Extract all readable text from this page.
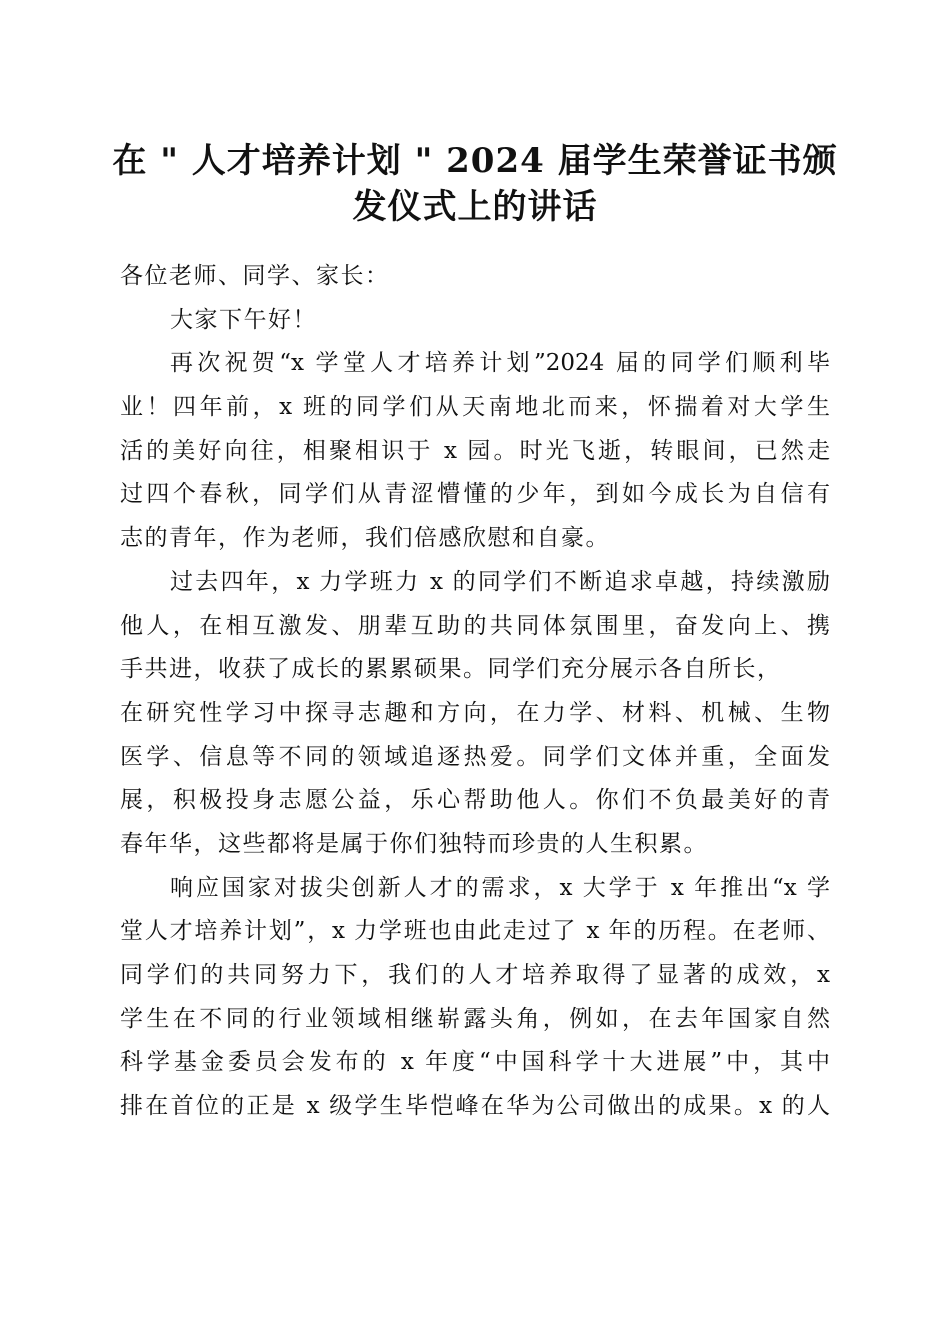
在 " 人才培养计划 " 2024 届学生荣誉证书颁
发仪式上的讲话
各位老师、同学、家长：
大家下午好！
再次祝贺“x 学堂人才培养计划”2024 届的同学们顺利毕
业！四年前，x 班的同学们从天南地北而来，怀揣着对大学生
活的美好向往，相聚相识于 x 园。时光飞逝，转眼间，已然走
过四个春秋，同学们从青涩懵懂的少年，到如今成长为自信有
志的青年，作为老师，我们倍感欣慰和自豪。
过去四年，x 力学班力 x 的同学们不断追求卓越，持续激励
他人，在相互激发、朋辈互助的共同体氛围里，奋发向上、携
手共进，收获了成长的累累硕果。同学们充分展示各自所长，
在研究性学习中探寻志趣和方向，在力学、材料、机械、生物
医学、信息等不同的领域追逐热爱。同学们文体并重，全面发
展，积极投身志愿公益，乐心帮助他人。你们不负最美好的青
春年华，这些都将是属于你们独特而珍贵的人生积累。
响应国家对拔尖创新人才的需求，x 大学于 x 年推出“x 学
堂人才培养计划”，x 力学班也由此走过了 x 年的历程。在老师、
同学们的共同努力下，我们的人才培养取得了显著的成效，x
学生在不同的行业领域相继崭露头角，例如，在去年国家自然
科学基金委员会发布的 x 年度“中国科学十大进展”中，其中
排在首位的正是 x 级学生毕恺峰在华为公司做出的成果。x 的人
